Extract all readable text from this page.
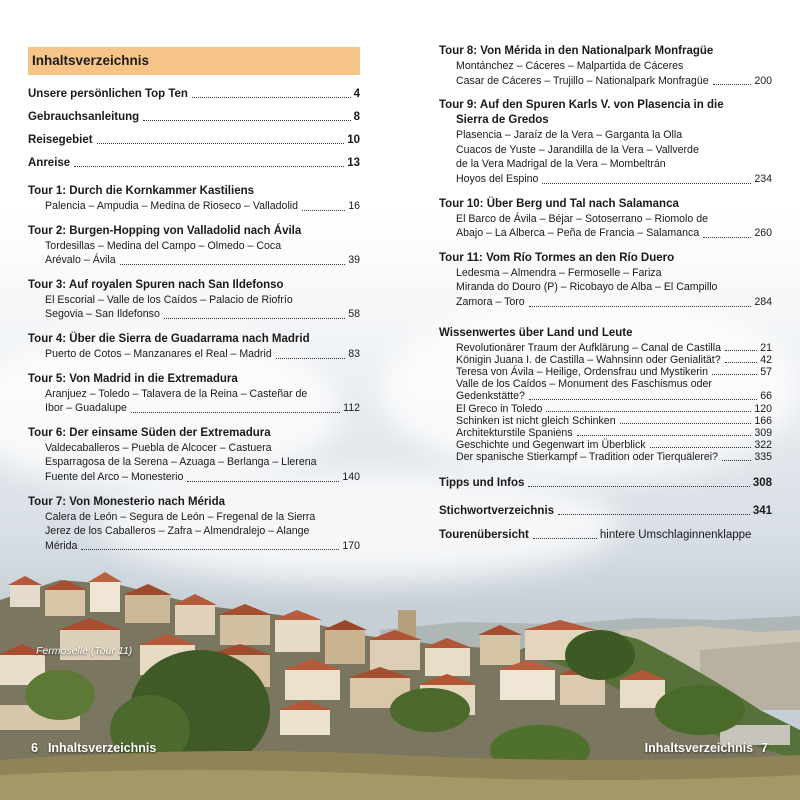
Fermoselle (Tour 11)
Inhaltsverzeichnis
Unsere persönlichen Top Ten	4
Gebrauchsanleitung	8
Reisegebiet	10
Anreise	13
Tour 1: Durch die Kornkammer Kastiliens
Palencia – Ampudia – Medina de Rioseco – Valladolid	16
Tour 2: Burgen-Hopping von Valladolid nach Ávila
Tordesillas – Medina del Campo – Olmedo – Coca
Arévalo – Ávila	39
Tour 3: Auf royalen Spuren nach San Ildefonso
El Escorial – Valle de los Caídos – Palacio de Riofrío
Segovia – San Ildefonso	58
Tour 4: Über die Sierra de Guadarrama nach Madrid
Puerto de Cotos – Manzanares el Real – Madrid	83
Tour 5: Von Madrid in die Extremadura
Aranjuez – Toledo – Talavera de la Reina – Casteñar de
Ibor – Guadalupe	112
Tour 6: Der einsame Süden der Extremadura
Valdecaballeros – Puebla de Alcocer – Castuera
Esparragosa de la Serena – Azuaga – Berlanga – Llerena
Fuente del Arco – Monesterio	140
Tour 7: Von Monesterio nach Mérida
Calera de León – Segura de León – Fregenal de la Sierra
Jerez de los Caballeros – Zafra – Almendralejo – Alange
Mérida	170
Tour 8: Von Mérida in den Nationalpark Monfragüe
Montánchez – Cáceres – Malpartida de Cáceres
Casar de Cáceres – Trujillo – Nationalpark Monfragüe	200
Tour 9: Auf den Spuren Karls V. von Plasencia in die
Sierra de Gredos
Plasencia – Jaraíz de la Vera – Garganta la Olla
Cuacos de Yuste – Jarandilla de la Vera – Vallverde
de la Vera Madrigal de la Vera – Mombeltrán
Hoyos del Espino	234
Tour 10: Über Berg und Tal nach Salamanca
El Barco de Ávila – Béjar – Sotoserrano – Riomolo de
Abajo – La Alberca – Peña de Francia – Salamanca	260
Tour 11: Vom Río Tormes an den Río Duero
Ledesma – Almendra – Fermoselle – Fariza
Miranda do Douro (P) – Ricobayo de Alba – El Campillo
Zamora – Toro	284
Wissenwertes über Land und Leute
Revolutionärer Traum der Aufklärung – Canal de Castilla	21
Königin Juana I. de Castilla – Wahnsinn oder Genialität?	42
Teresa von Ávila – Heilige, Ordensfrau und Mystikerin	57
Valle de los Caídos – Monument des Faschismus oder
Gedenkstätte?	66
El Greco in Toledo	120
Schinken ist nicht gleich Schinken	166
Architekturstile Spaniens	309
Geschichte und Gegenwart im Überblick	322
Der spanische Stierkampf – Tradition oder Tierquälerei?	335
Tipps und Infos	308
Stichwortverzeichnis	341
Tourenübersicht	hintere Umschlaginnenklappe
6 Inhaltsverzeichnis	Inhaltsverzeichnis 7
